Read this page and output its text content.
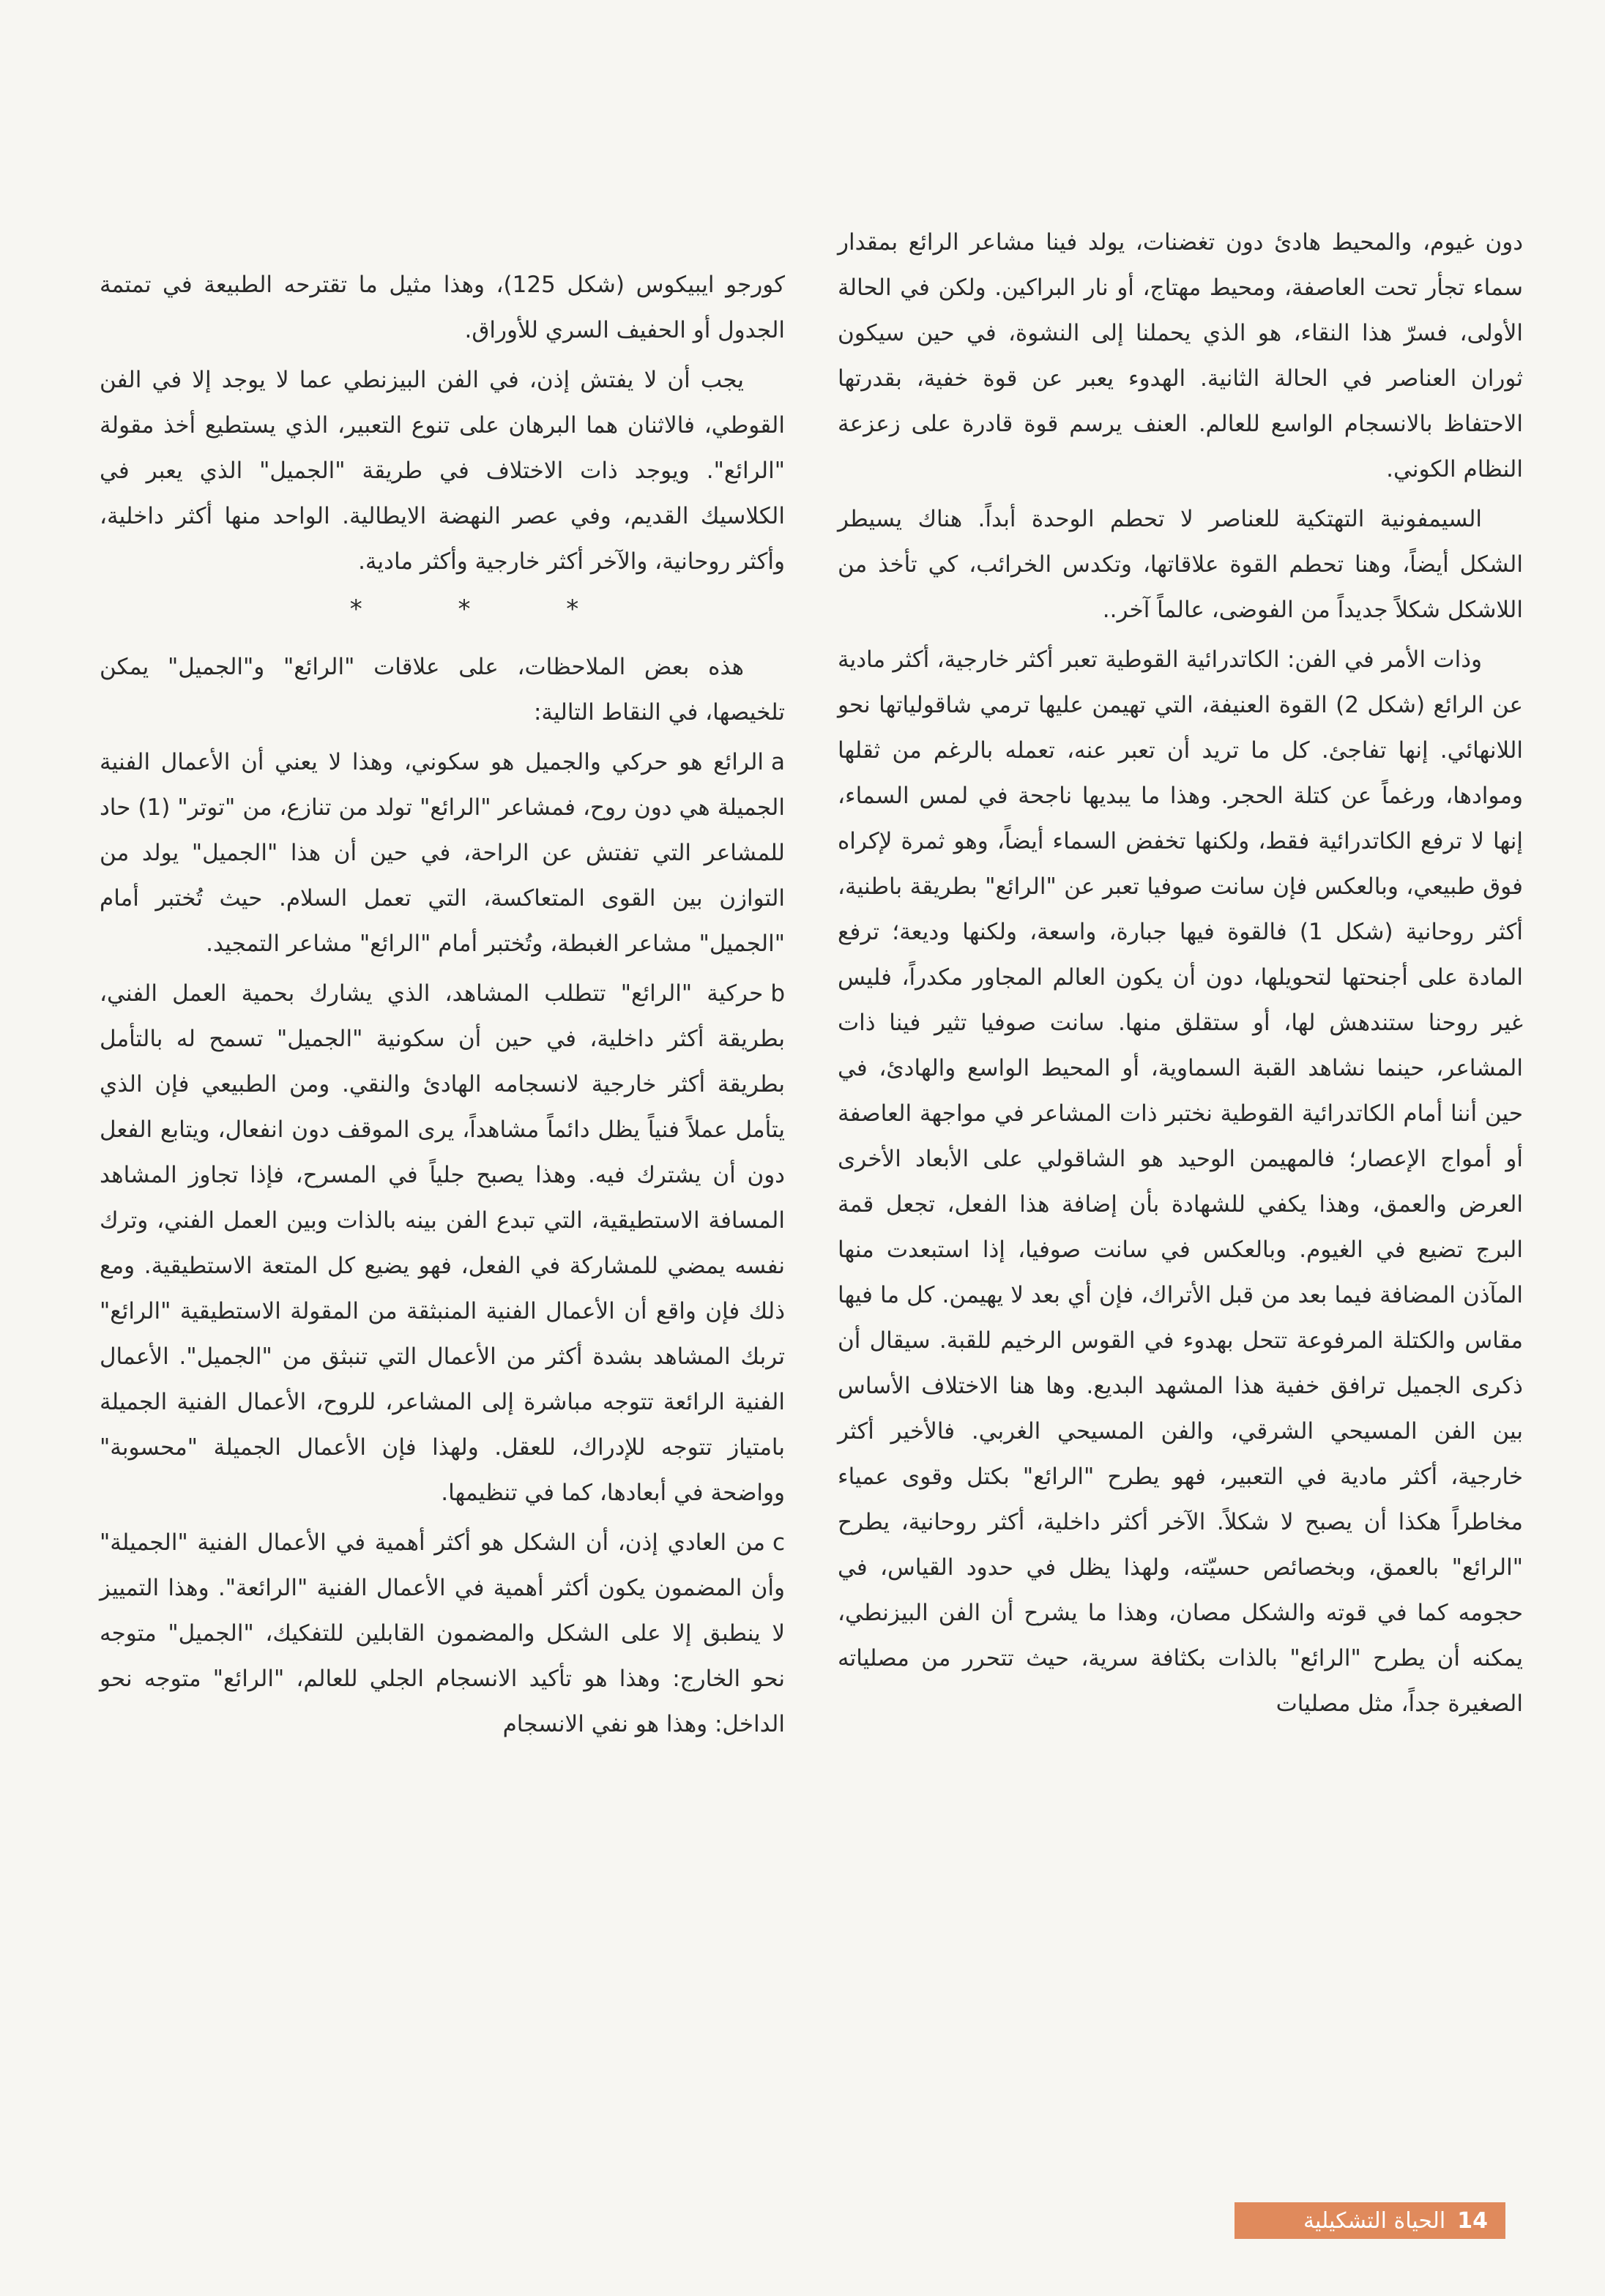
دون غيوم، والمحيط هادئ دون تغضنات، يولد فينا مشاعر الرائع بمقدار سماء تجأر تحت العاصفة، ومحيط مهتاج، أو نار البراكين. ولكن في الحالة الأولى، فسرّ هذا النقاء، هو الذي يحملنا إلى النشوة، في حين سيكون ثوران العناصر في الحالة الثانية. الهدوء يعبر عن قوة خفية، بقدرتها الاحتفاظ بالانسجام الواسع للعالم. العنف يرسم قوة قادرة على زعزعة النظام الكوني.

السيمفونية التهتكية للعناصر لا تحطم الوحدة أبداً. هناك يسيطر الشكل أيضاً، وهنا تحطم القوة علاقاتها، وتكدس الخرائب، كي تأخذ من اللاشكل شكلاً جديداً من الفوضى، عالماً آخر..

وذات الأمر في الفن: الكاتدرائية القوطية تعبر أكثر خارجية، أكثر مادية عن الرائع (شكل 2) القوة العنيفة، التي تهيمن عليها ترمي شاقولياتها نحو اللانهائي. إنها تفاجئ. كل ما تريد أن تعبر عنه، تعمله بالرغم من ثقلها وموادها، ورغماً عن كتلة الحجر. وهذا ما يبديها ناجحة في لمس السماء، إنها لا ترفع الكاتدرائية فقط، ولكنها تخفض السماء أيضاً، وهو ثمرة لإكراه فوق طبيعي، وبالعكس فإن سانت صوفيا تعبر عن "الرائع" بطريقة باطنية، أكثر روحانية (شكل 1) فالقوة فيها جبارة، واسعة، ولكنها وديعة؛ ترفع المادة على أجنحتها لتحويلها، دون أن يكون العالم المجاور مكدراً، فليس غير روحنا ستندهش لها، أو ستقلق منها. سانت صوفيا تثير فينا ذات المشاعر، حينما نشاهد القبة السماوية، أو المحيط الواسع والهادئ، في حين أننا أمام الكاتدرائية القوطية نختبر ذات المشاعر في مواجهة العاصفة أو أمواج الإعصار؛ فالمهيمن الوحيد هو الشاقولي على الأبعاد الأخرى العرض والعمق، وهذا يكفي للشهادة بأن إضافة هذا الفعل، تجعل قمة البرج تضيع في الغيوم. وبالعكس في سانت صوفيا، إذا استبعدت منها المآذن المضافة فيما بعد من قبل الأتراك، فإن أي بعد لا يهيمن. كل ما فيها مقاس والكتلة المرفوعة تتحل بهدوء في القوس الرخيم للقبة. سيقال أن ذكرى الجميل ترافق خفية هذا المشهد البديع. وها هنا الاختلاف الأساس بين الفن المسيحي الشرقي، والفن المسيحي الغربي. فالأخير أكثر خارجية، أكثر مادية في التعبير، فهو يطرح "الرائع" بكتل وقوى عمياء مخاطراً هكذا أن يصبح لا شكلاً. الآخر أكثر داخلية، أكثر روحانية، يطرح "الرائع" بالعمق، وبخصائص حسيّته، ولهذا يظل في حدود القياس، في حجومه كما في قوته والشكل مصان، وهذا ما يشرح أن الفن البيزنطي، يمكنه أن يطرح "الرائع" بالذات بكثافة سرية، حيث تتحرر من مصلياته الصغيرة جداً، مثل مصليات

كورجو ايبيكوس (شكل 125)، وهذا مثيل ما تقترحه الطبيعة في تمتمة الجدول أو الحفيف السري للأوراق.

يجب أن لا يفتش إذن، في الفن البيزنطي عما لا يوجد إلا في الفن القوطي، فالاثنان هما البرهان على تنوع التعبير، الذي يستطيع أخذ مقولة "الرائع". ويوجد ذات الاختلاف في طريقة "الجميل" الذي يعبر في الكلاسيك القديم، وفي عصر النهضة الايطالية. الواحد منها أكثر داخلية، وأكثر روحانية، والآخر أكثر خارجية وأكثر مادية.

* * *

هذه بعض الملاحظات، على علاقات "الرائع" و"الجميل" يمكن تلخيصها، في النقاط التالية:

aالرائع هو حركي والجميل هو سكوني، وهذا لا يعني أن الأعمال الفنية الجميلة هي دون روح، فمشاعر "الرائع" تولد من تنازع، من "توتر" (1) حاد للمشاعر التي تفتش عن الراحة، في حين أن هذا "الجميل" يولد من التوازن بين القوى المتعاكسة، التي تعمل السلام. حيث تُختبر أمام "الجميل" مشاعر الغبطة، وتُختبر أمام "الرائع" مشاعر التمجيد.

bحركية "الرائع" تتطلب المشاهد، الذي يشارك بحمية العمل الفني، بطريقة أكثر داخلية، في حين أن سكونية "الجميل" تسمح له بالتأمل بطريقة أكثر خارجية لانسجامه الهادئ والنقي. ومن الطبيعي فإن الذي يتأمل عملاً فنياً يظل دائماً مشاهداً، يرى الموقف دون انفعال، ويتابع الفعل دون أن يشترك فيه. وهذا يصبح جلياً في المسرح، فإذا تجاوز المشاهد المسافة الاستطيقية، التي تبدع الفن بينه بالذات وبين العمل الفني، وترك نفسه يمضي للمشاركة في الفعل، فهو يضيع كل المتعة الاستطيقية. ومع ذلك فإن واقع أن الأعمال الفنية المنبثقة من المقولة الاستطيقية "الرائع" تربك المشاهد بشدة أكثر من الأعمال التي تنبثق من "الجميل". الأعمال الفنية الرائعة تتوجه مباشرة إلى المشاعر، للروح، الأعمال الفنية الجميلة بامتياز تتوجه للإدراك، للعقل. ولهذا فإن الأعمال الجميلة "محسوبة" وواضحة في أبعادها، كما في تنظيمها.

cمن العادي إذن، أن الشكل هو أكثر أهمية في الأعمال الفنية "الجميلة" وأن المضمون يكون أكثر أهمية في الأعمال الفنية "الرائعة". وهذا التمييز لا ينطبق إلا على الشكل والمضمون القابلين للتفكيك، "الجميل" متوجه نحو الخارج: وهذا هو تأكيد الانسجام الجلي للعالم، "الرائع" متوجه نحو الداخل: وهذا هو نفي الانسجام

14
الحياة التشكيلية
